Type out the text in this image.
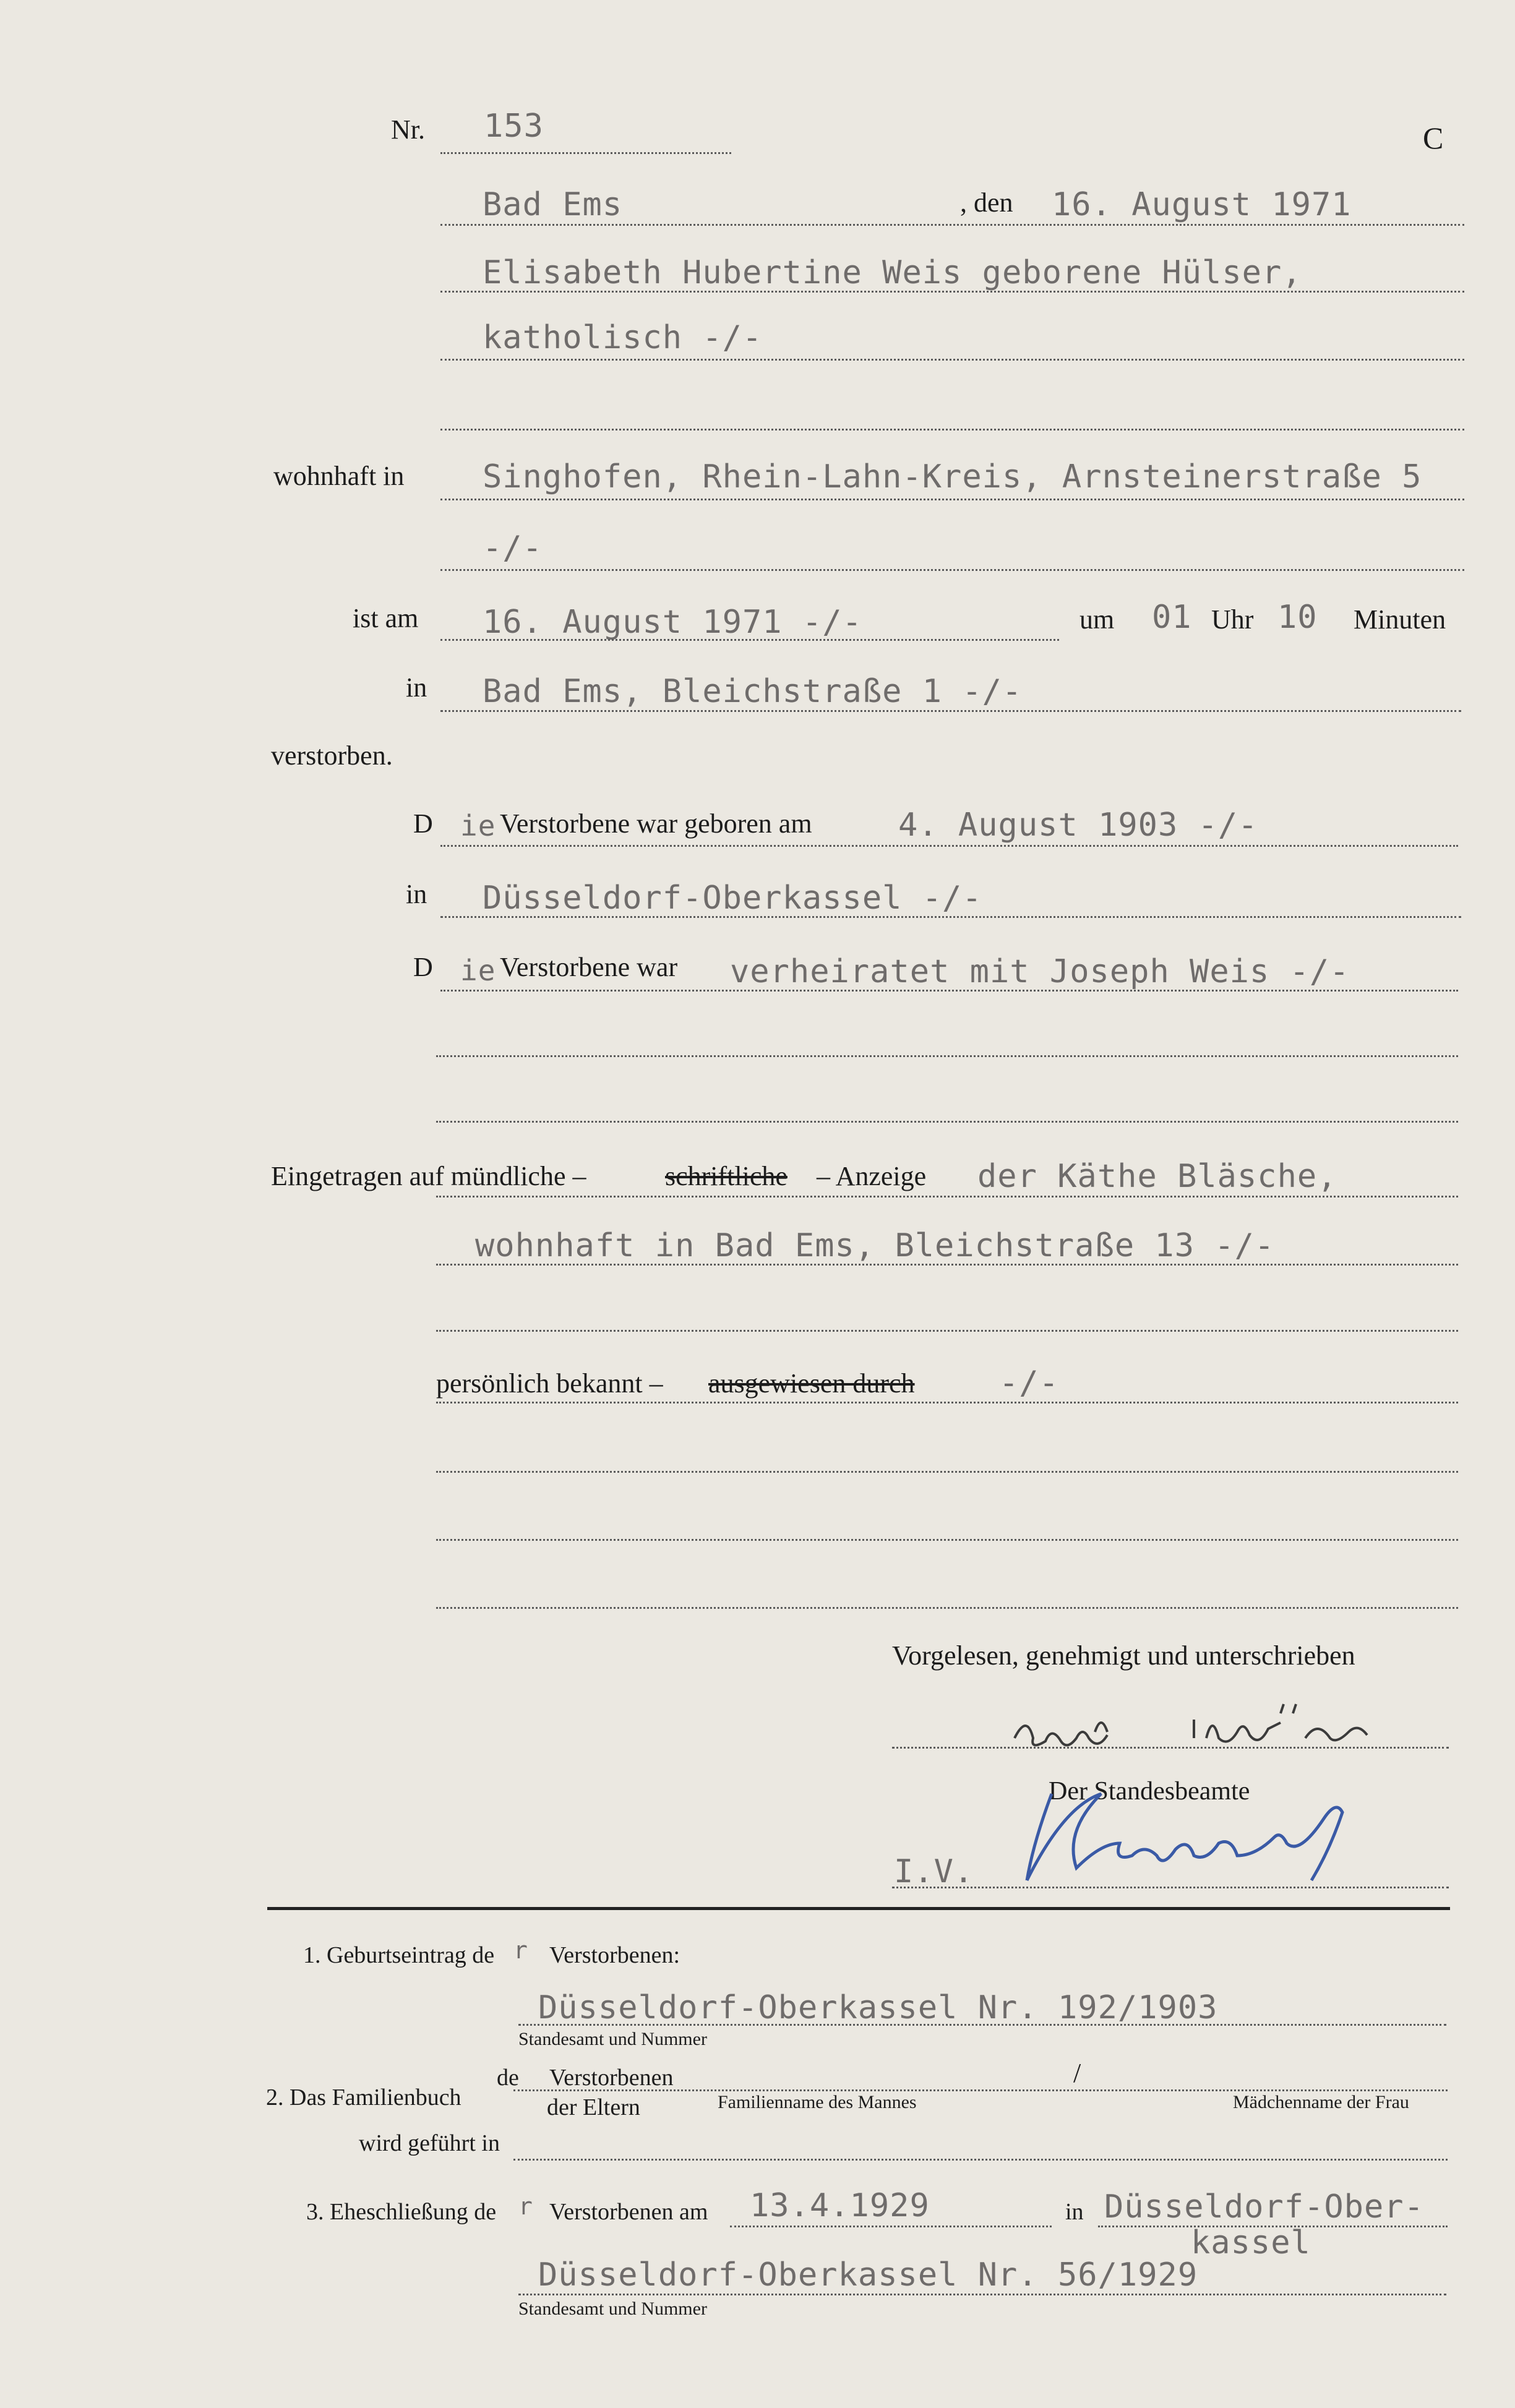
Nr. 153	C
Bad Ems	, den 16. August 1971
Elisabeth Hubertine Weis geborene Hülser,
katholisch -/-
wohnhaft in Singhofen, Rhein-Lahn-Kreis, Arnsteinerstraße 5
-/-
ist am 16. August 1971 -/-	um 01 Uhr 10 Minuten
in Bad Ems, Bleichstraße 1 -/-
verstorben.
D ie Verstorbene war geboren am	4. August 1903 -/-
in Düsseldorf-Oberkassel -/-
D ie Verstorbene war verheiratet mit Joseph Weis -/-
Eingetragen auf mündliche –	schriftliche – Anzeige der Käthe Bläsche,
wohnhaft in Bad Ems, Bleichstraße 13 -/-
persönlich bekannt – ausgewiesen durch	-/-
Vorgelesen, genehmigt und unterschrieben
Der Standesbeamte
I.V.
1. Geburtseintrag de r Verstorbenen:
Düsseldorf-Oberkassel Nr. 192/1903
Standesamt und Nummer
2. Das Familienbuch
de Verstorbenen	/
der Eltern	Familienname des Mannes	Mädchenname der Frau
wird geführt in
3. Eheschließung de r Verstorbenen am 13.4.1929	in Düsseldorf-Ober-
kassel
Düsseldorf-Oberkassel Nr. 56/1929
Standesamt und Nummer
